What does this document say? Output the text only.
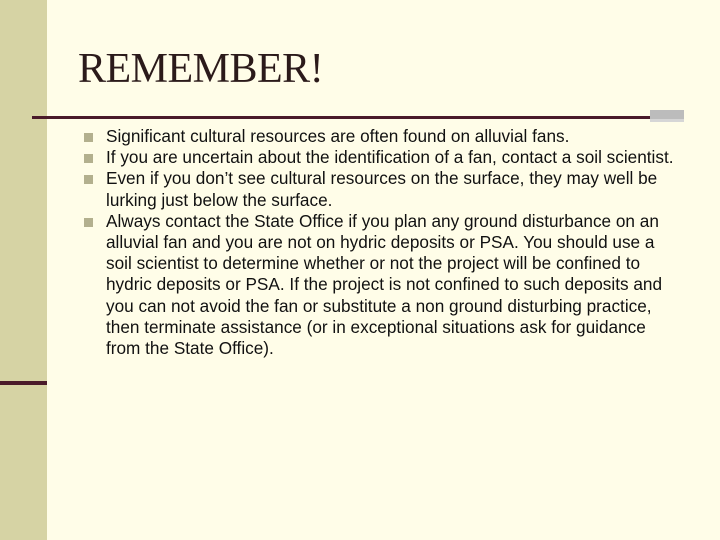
REMEMBER!
Significant cultural resources are often found on alluvial fans.
If you are uncertain about the identification of a fan, contact a soil scientist.
Even if you don’t see cultural resources on the surface, they may well be lurking just below the surface.
Always contact the State Office if you plan any ground disturbance on an alluvial fan and you are not on hydric deposits or PSA. You should use a soil scientist to determine whether or not the project will be confined to hydric deposits or PSA. If the project is not confined to such deposits and you can not avoid the fan or substitute a non ground disturbing practice, then terminate assistance (or in exceptional situations ask for guidance from the State Office).
